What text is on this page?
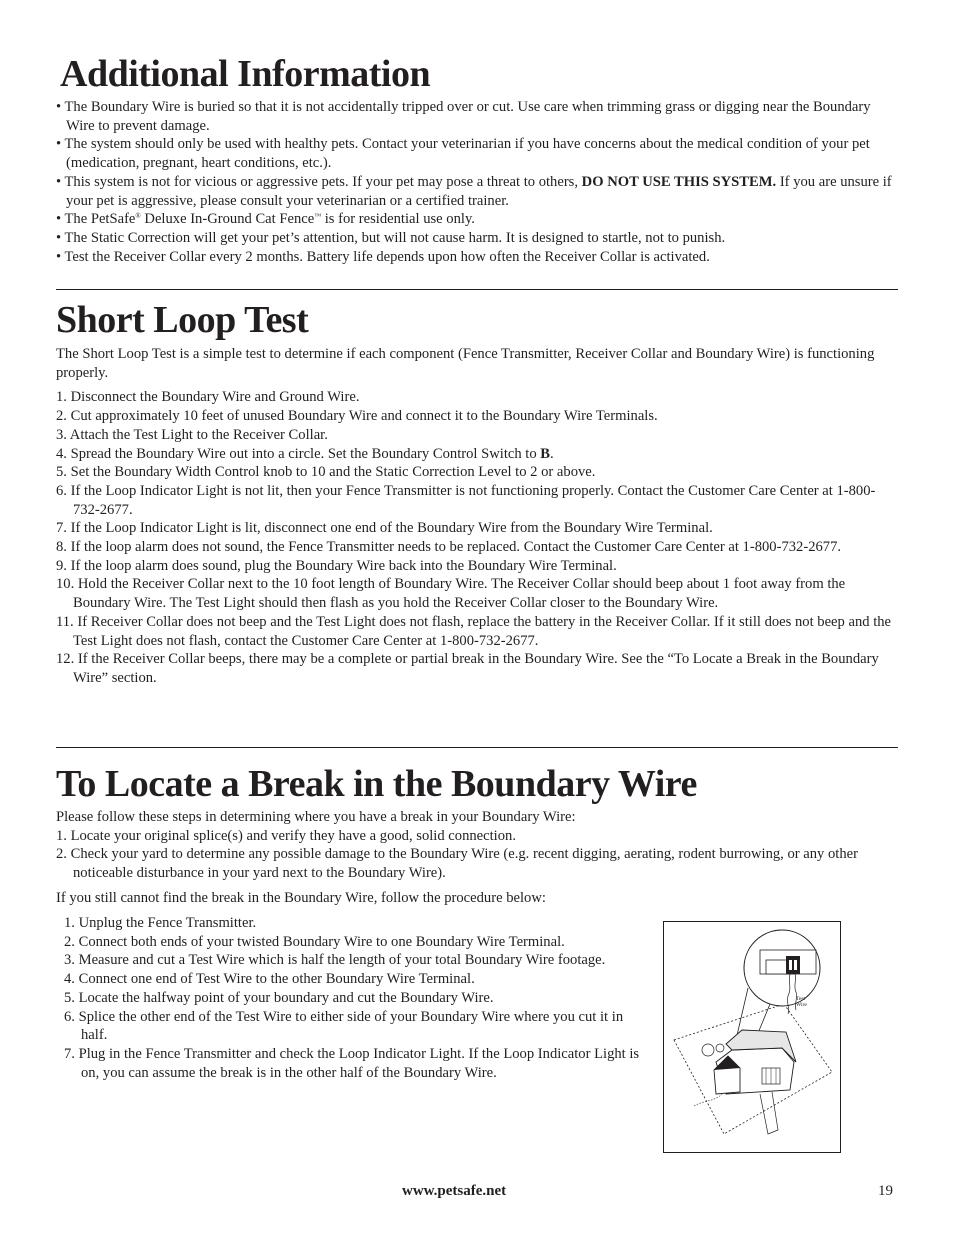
Additional Information
• The Boundary Wire is buried so that it is not accidentally tripped over or cut. Use care when trimming grass or digging near the Boundary Wire to prevent damage.
• The system should only be used with healthy pets. Contact your veterinarian if you have concerns about the medical condition of your pet (medication, pregnant, heart conditions, etc.).
• This system is not for vicious or aggressive pets. If your pet may pose a threat to others, DO NOT USE THIS SYSTEM. If you are unsure if your pet is aggressive, please consult your veterinarian or a certified trainer.
• The PetSafe® Deluxe In-Ground Cat Fence™ is for residential use only.
• The Static Correction will get your pet’s attention, but will not cause harm. It is designed to startle, not to punish.
• Test the Receiver Collar every 2 months. Battery life depends upon how often the Receiver Collar is activated.
Short Loop Test
The Short Loop Test is a simple test to determine if each component (Fence Transmitter, Receiver Collar and Boundary Wire) is functioning properly.
1. Disconnect the Boundary Wire and Ground Wire.
2. Cut approximately 10 feet of unused Boundary Wire and connect it to the Boundary Wire Terminals.
3. Attach the Test Light to the Receiver Collar.
4. Spread the Boundary Wire out into a circle. Set the Boundary Control Switch to B.
5. Set the Boundary Width Control knob to 10 and the Static Correction Level to 2 or above.
6. If the Loop Indicator Light is not lit, then your Fence Transmitter is not functioning properly. Contact the Customer Care Center at 1-800-732-2677.
7. If the Loop Indicator Light is lit, disconnect one end of the Boundary Wire from the Boundary Wire Terminal.
8. If the loop alarm does not sound, the Fence Transmitter needs to be replaced. Contact the Customer Care Center at 1-800-732-2677.
9. If the loop alarm does sound, plug the Boundary Wire back into the Boundary Wire Terminal.
10. Hold the Receiver Collar next to the 10 foot length of Boundary Wire. The Receiver Collar should beep about 1 foot away from the Boundary Wire. The Test Light should then flash as you hold the Receiver Collar closer to the Boundary Wire.
11. If Receiver Collar does not beep and the Test Light does not flash, replace the battery in the Receiver Collar. If it still does not beep and the Test Light does not flash, contact the Customer Care Center at 1-800-732-2677.
12. If the Receiver Collar beeps, there may be a complete or partial break in the Boundary Wire. See the “To Locate a Break in the Boundary Wire” section.
To Locate a Break in the Boundary Wire
Please follow these steps in determining where you have a break in your Boundary Wire:
1. Locate your original splice(s) and verify they have a good, solid connection.
2. Check your yard to determine any possible damage to the Boundary Wire (e.g. recent digging, aerating, rodent burrowing, or any other noticeable disturbance in your yard next to the Boundary Wire).
If you still cannot find the break in the Boundary Wire, follow the procedure below:
1. Unplug the Fence Transmitter.
2. Connect both ends of your twisted Boundary Wire to one Boundary Wire Terminal.
3. Measure and cut a Test Wire which is half the length of your total Boundary Wire footage.
4. Connect one end of Test Wire to the other Boundary Wire Terminal.
5. Locate the halfway point of your boundary and cut the Boundary Wire.
6. Splice the other end of the Test Wire to either side of your Boundary Wire where you cut it in half.
7. Plug in the Fence Transmitter and check the Loop Indicator Light. If the Loop Indicator Light is on, you can assume the break is in the other half of the Boundary Wire.
Test
Wire
www.petsafe.net	19
